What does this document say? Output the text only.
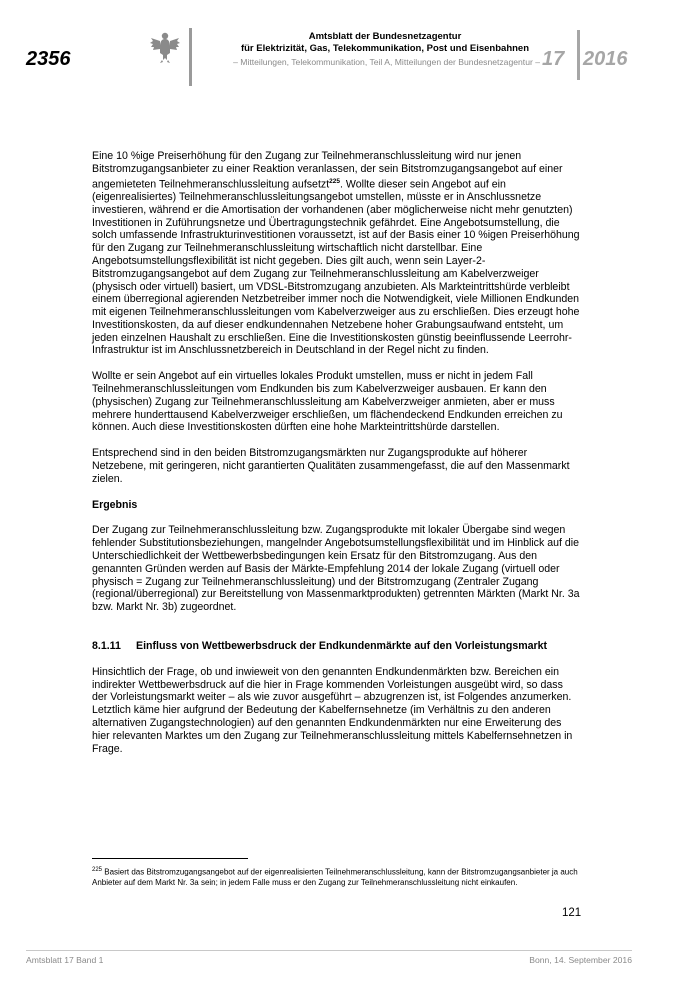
2356
Amtsblatt der Bundesnetzagentur
für Elektrizität, Gas, Telekommunikation, Post und Eisenbahnen
– Mitteilungen, Telekommunikation, Teil A, Mitteilungen der Bundesnetzagentur – 17 2016

Eine 10 %ige Preiserhöhung für den Zugang zur Teilnehmeranschlussleitung wird nur jenen Bitstromzugangsanbieter zu einer Reaktion veranlassen, der sein Bitstromzugangsangebot auf einer angemieteten Teilnehmeranschlussleitung aufsetzt$^{225}$. Wollte dieser sein Angebot auf ein (eigenrealisiertes) Teilnehmeranschlussleitungsangebot umstellen, müsste er in Anschlussnetze investieren, während er die Amortisation der vorhandenen (aber möglicherweise nicht mehr genutzten) Investitionen in Zuführungsnetze und Übertragungstechnik gefährdet. Eine Angebotsumstellung, die solch umfassende Infrastrukturinvestitionen voraussetzt, ist auf der Basis einer 10 %igen Preiserhöhung für den Zugang zur Teilnehmeranschlussleitung wirtschaftlich nicht darstellbar. Eine Angebotsumstellungsflexibilität ist nicht gegeben. Dies gilt auch, wenn sein Layer-2-Bitstromzugangsangebot auf dem Zugang zur Teilnehmeranschlussleitung am Kabelverzweiger (physisch oder virtuell) basiert, um VDSL-Bitstromzugang anzubieten. Als Markteintrittshürde verbleibt einem überregional agierenden Netzbetreiber immer noch die Notwendigkeit, viele Millionen Endkunden mit eigenen Teilnehmeranschlussleitungen vom Kabelverzweiger aus zu erschließen. Dies erzeugt hohe Investitionskosten, da auf dieser endkundennahen Netzebene hoher Grabungsaufwand entsteht, um jeden einzelnen Haushalt zu erschließen. Eine die Investitionskosten günstig beeinflussende Leerrohr-Infrastruktur ist im Anschlussnetzbereich in Deutschland in der Regel nicht zu finden.

Wollte er sein Angebot auf ein virtuelles lokales Produkt umstellen, muss er nicht in jedem Fall Teilnehmeranschlussleitungen vom Endkunden bis zum Kabelverzweiger ausbauen. Er kann den (physischen) Zugang zur Teilnehmeranschlussleitung am Kabelverzweiger anmieten, aber er muss mehrere hunderttausend Kabelverzweiger erschließen, um flächendeckend Endkunden erreichen zu können. Auch diese Investitionskosten dürften eine hohe Markteintrittshürde darstellen.

Entsprechend sind in den beiden Bitstromzugangsmärkten nur Zugangsprodukte auf höherer Netzebene, mit geringeren, nicht garantierten Qualitäten zusammengefasst, die auf den Massenmarkt zielen.

Ergebnis

Der Zugang zur Teilnehmeranschlussleitung bzw. Zugangsprodukte mit lokaler Übergabe sind wegen fehlender Substitutionsbeziehungen, mangelnder Angebotsumstellungsflexibilität und im Hinblick auf die Unterschiedlichkeit der Wettbewerbsbedingungen kein Ersatz für den Bitstromzugang. Aus den genannten Gründen werden auf Basis der Märkte-Empfehlung 2014 der lokale Zugang (virtuell oder physisch = Zugang zur Teilnehmeranschlussleitung) und der Bitstromzugang (Zentraler Zugang (regional/überregional) zur Bereitstellung von Massenmarktprodukten) getrennten Märkten (Markt Nr. 3a bzw. Markt Nr. 3b) zugeordnet.

8.1.11	Einfluss von Wettbewerbsdruck der Endkundenmärkte auf den Vorleistungsmarkt

Hinsichtlich der Frage, ob und inwieweit von den genannten Endkundenmärkten bzw. Bereichen ein indirekter Wettbewerbsdruck auf die hier in Frage kommenden Vorleistungen ausgeübt wird, so dass der Vorleistungsmarkt weiter – als wie zuvor ausgeführt – abzugrenzen ist, ist Folgendes anzumerken. Letztlich käme hier aufgrund der Bedeutung der Kabelfernsehnetze (im Verhältnis zu den anderen alternativen Zugangstechnologien) auf den genannten Endkundenmärkten nur eine Erweiterung des hier relevanten Marktes um den Zugang zur Teilnehmeranschlussleitung mittels Kabelfernsehnetzen in Frage.

$^{225}$ Basiert das Bitstromzugangsangebot auf der eigenrealisierten Teilnehmeranschlussleitung, kann der Bitstromzugangsanbieter ja auch Anbieter auf dem Markt Nr. 3a sein; in jedem Falle muss er den Zugang zur Teilnehmeranschlussleitung nicht einkaufen.

121
Amtsblatt 17 Band 1	Bonn, 14. September 2016
